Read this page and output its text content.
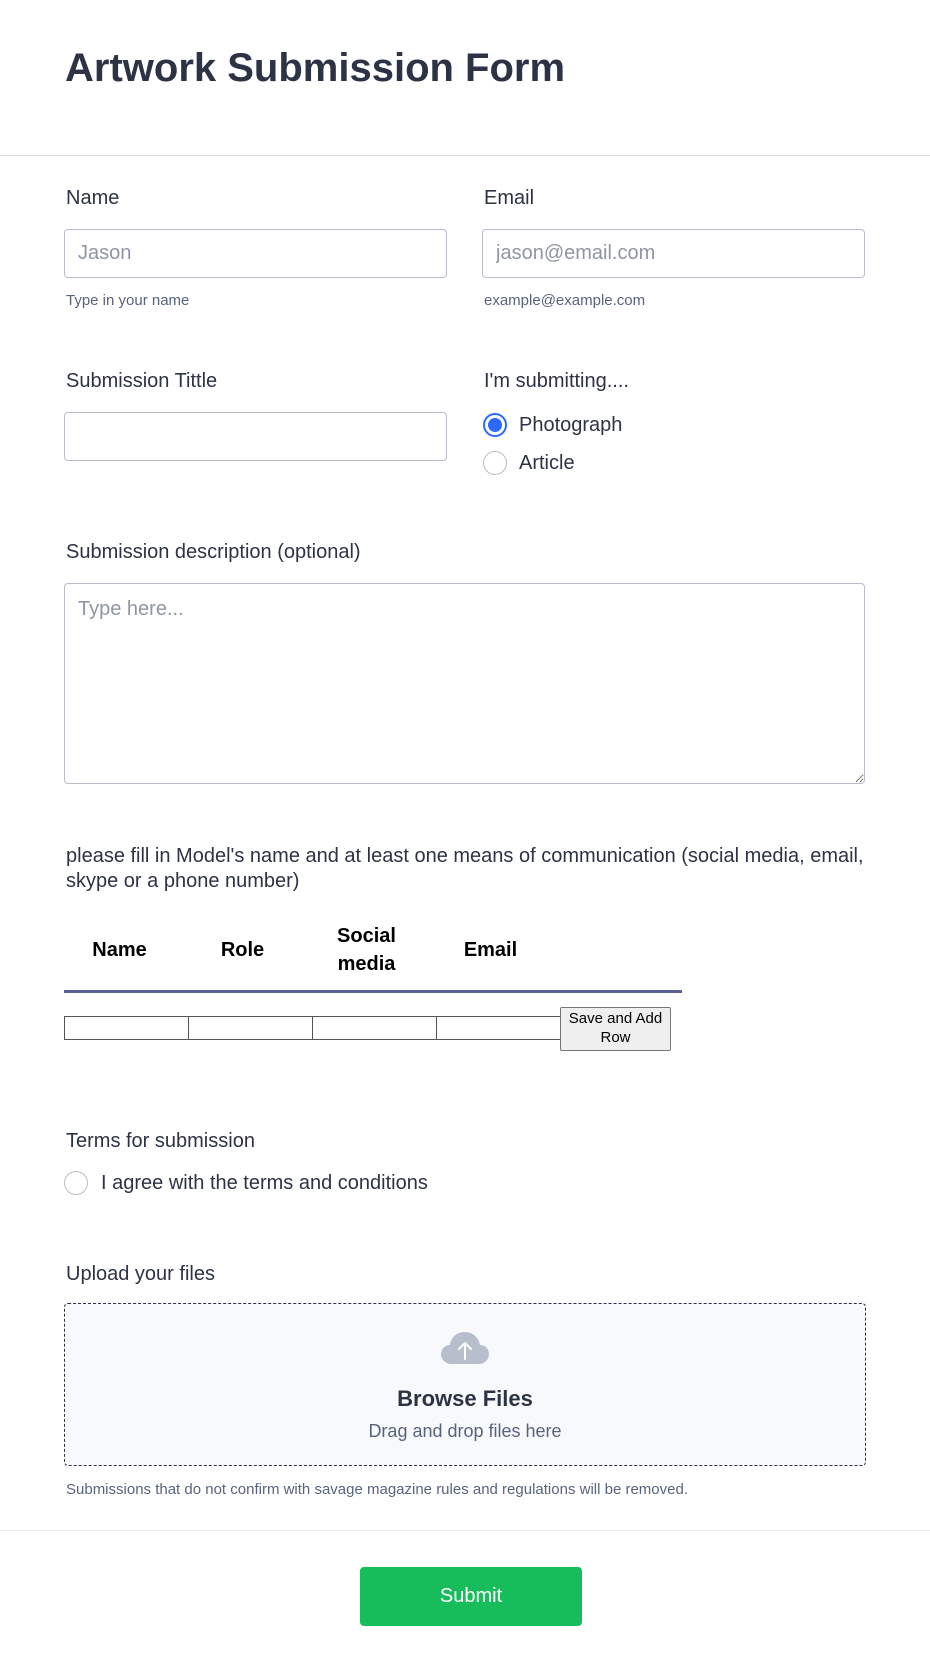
Artwork Submission Form
Name
Jason
Type in your name
Email
jason@email.com
example@example.com
Submission Tittle	I'm submitting....
Photograph
Article
Submission description (optional)
Type here...
please fill in Model's name and at least one means of communication (social media, email, skype or a phone number)
Name	Role
Social media
Email
Save and Add Row
Terms for submission
I agree with the terms and conditions
Upload your files
Browse Files
Drag and drop files here
Submissions that do not confirm with savage magazine rules and regulations will be removed.
Submit
